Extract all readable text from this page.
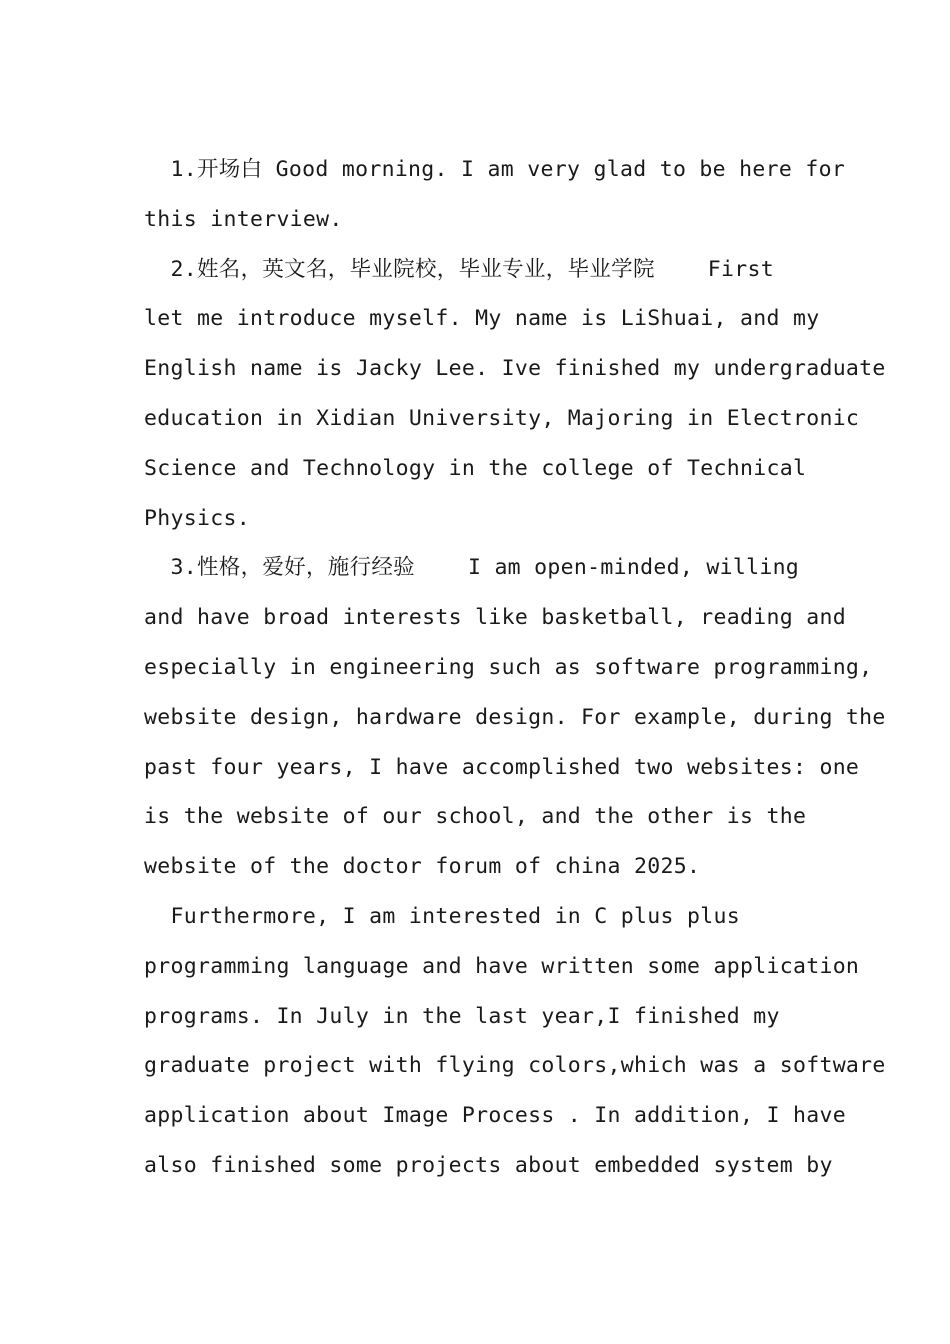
1.开场白 Good morning. I am very glad to be here for
this interview.
2.姓名，英文名，毕业院校，毕业专业，毕业学院    First
let me introduce myself. My name is LiShuai, and my
English name is Jacky Lee. Ive finished my undergraduate
education in Xidian University, Majoring in Electronic
Science and Technology in the college of Technical
Physics.
3.性格，爱好，施行经验    I am open-minded, willing
and have broad interests like basketball, reading and
especially in engineering such as software programming,
website design, hardware design. For example, during the
past four years, I have accomplished two websites: one
is the website of our school, and the other is the
website of the doctor forum of china 2025.
Furthermore, I am interested in C plus plus
programming language and have written some application
programs. In July in the last year,I finished my
graduate project with flying colors,which was a software
application about Image Process . In addition, I have
also finished some projects about embedded system by
